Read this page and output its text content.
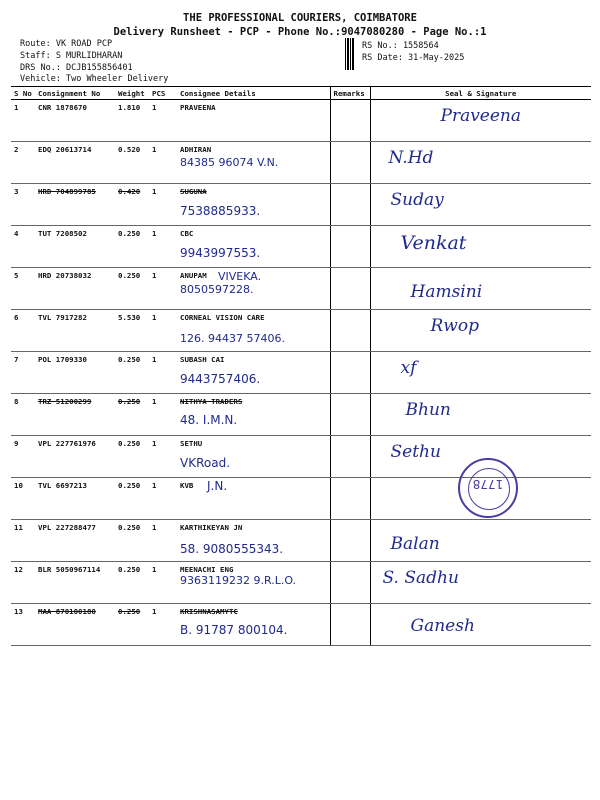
THE PROFESSIONAL COURIERS, COIMBATORE
Delivery Runsheet - PCP - Phone No.:9047080280 - Page No.:1
Route: VK ROAD PCP
Staff: S MURLIDHARAN
DRS No.: DCJB155856401
Vehicle: Two Wheeler Delivery
RS No.: 1558564
RS Date: 31-May-2025
S No	Consignment No	Weight	PCS	Consignee Details	Remarks	Seal & Signature
1	CNR 1878670	1.810	1	PRAVEENA		Praveena

2	EDQ 20613714	0.520	1	ADHIRAN
84385 96074 V.N.		N.Hd

3	HRD 704899785	0.420	1	SUGUNA
7538885933.		Suday

4	TUT 7208502	0.250	1	CBC
9943997553.		Venkat

5	HRD 20738032	0.250	1	ANUPAM VIVEKA. 8050597228.		Hamsini

6	TVL 7917282	5.530	1	CORNEAL VISION CARE
126. 94437 57406.		Rwop

7	POL 1709330	0.250	1	SUBASH CAI
9443757406.		xf

8	TRZ 51200299	0.250	1	NITHYA TRADERS
48. I.M.N.		Bhun

9	VPL 227761976	0.250	1	SETHU
VKRoad.		Sethu

10	TVL 6697213	0.250	1	KVB J.N.		

11	VPL 227288477	0.250	1	KARTHIKEYAN JN
58. 9080555343.		Balan

12	BLR 5050967114	0.250	1	MEENACHI ENG
9363119232 9.R.L.O.		S. Sadhu

13	MAA 870100180	0.250	1	KRISHNASAMYTC
B. 91787 800104.		Ganesh
1778
